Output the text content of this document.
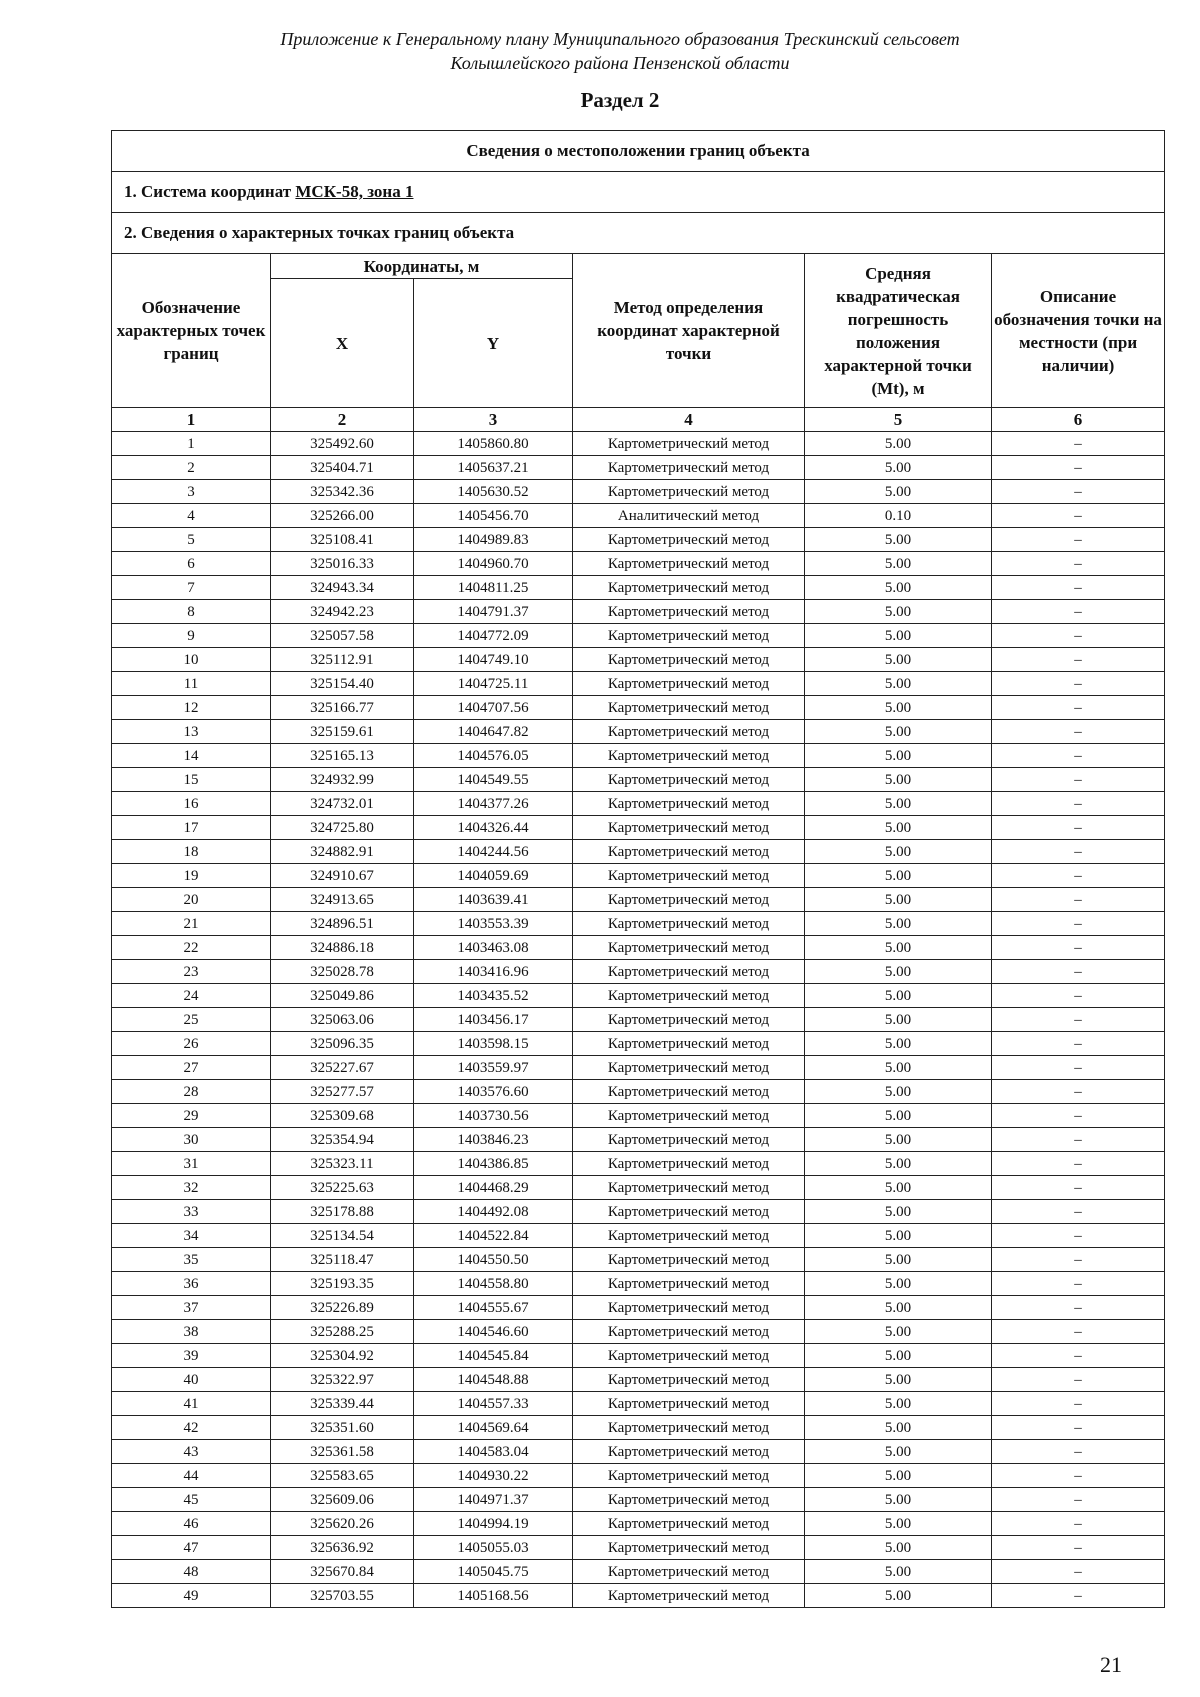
Приложение к Генеральному плану Муниципального образования Трескинский сельсовет
Колышлейского района Пензенской области
Раздел 2
Сведения о местоположении границ объекта					
1. Система координат МСК-58, зона 1					
2. Сведения о характерных точках границ объекта					
Обозначение характерных точек границ	Координаты, м		Метод определения координат характерной точки	Средняя квадратическая погрешность положения характерной точки (Mt), м	Описание обозначения точки на местности (при наличии)
	X	Y			
1	2	3	4	5	6
1	325492.60	1405860.80	Картометрический метод	5.00	–
2	325404.71	1405637.21	Картометрический метод	5.00	–
3	325342.36	1405630.52	Картометрический метод	5.00	–
4	325266.00	1405456.70	Аналитический метод	0.10	–
5	325108.41	1404989.83	Картометрический метод	5.00	–
6	325016.33	1404960.70	Картометрический метод	5.00	–
7	324943.34	1404811.25	Картометрический метод	5.00	–
8	324942.23	1404791.37	Картометрический метод	5.00	–
9	325057.58	1404772.09	Картометрический метод	5.00	–
10	325112.91	1404749.10	Картометрический метод	5.00	–
11	325154.40	1404725.11	Картометрический метод	5.00	–
12	325166.77	1404707.56	Картометрический метод	5.00	–
13	325159.61	1404647.82	Картометрический метод	5.00	–
14	325165.13	1404576.05	Картометрический метод	5.00	–
15	324932.99	1404549.55	Картометрический метод	5.00	–
16	324732.01	1404377.26	Картометрический метод	5.00	–
17	324725.80	1404326.44	Картометрический метод	5.00	–
18	324882.91	1404244.56	Картометрический метод	5.00	–
19	324910.67	1404059.69	Картометрический метод	5.00	–
20	324913.65	1403639.41	Картометрический метод	5.00	–
21	324896.51	1403553.39	Картометрический метод	5.00	–
22	324886.18	1403463.08	Картометрический метод	5.00	–
23	325028.78	1403416.96	Картометрический метод	5.00	–
24	325049.86	1403435.52	Картометрический метод	5.00	–
25	325063.06	1403456.17	Картометрический метод	5.00	–
26	325096.35	1403598.15	Картометрический метод	5.00	–
27	325227.67	1403559.97	Картометрический метод	5.00	–
28	325277.57	1403576.60	Картометрический метод	5.00	–
29	325309.68	1403730.56	Картометрический метод	5.00	–
30	325354.94	1403846.23	Картометрический метод	5.00	–
31	325323.11	1404386.85	Картометрический метод	5.00	–
32	325225.63	1404468.29	Картометрический метод	5.00	–
33	325178.88	1404492.08	Картометрический метод	5.00	–
34	325134.54	1404522.84	Картометрический метод	5.00	–
35	325118.47	1404550.50	Картометрический метод	5.00	–
36	325193.35	1404558.80	Картометрический метод	5.00	–
37	325226.89	1404555.67	Картометрический метод	5.00	–
38	325288.25	1404546.60	Картометрический метод	5.00	–
39	325304.92	1404545.84	Картометрический метод	5.00	–
40	325322.97	1404548.88	Картометрический метод	5.00	–
41	325339.44	1404557.33	Картометрический метод	5.00	–
42	325351.60	1404569.64	Картометрический метод	5.00	–
43	325361.58	1404583.04	Картометрический метод	5.00	–
44	325583.65	1404930.22	Картометрический метод	5.00	–
45	325609.06	1404971.37	Картометрический метод	5.00	–
46	325620.26	1404994.19	Картометрический метод	5.00	–
47	325636.92	1405055.03	Картометрический метод	5.00	–
48	325670.84	1405045.75	Картометрический метод	5.00	–
49	325703.55	1405168.56	Картометрический метод	5.00	–
21
